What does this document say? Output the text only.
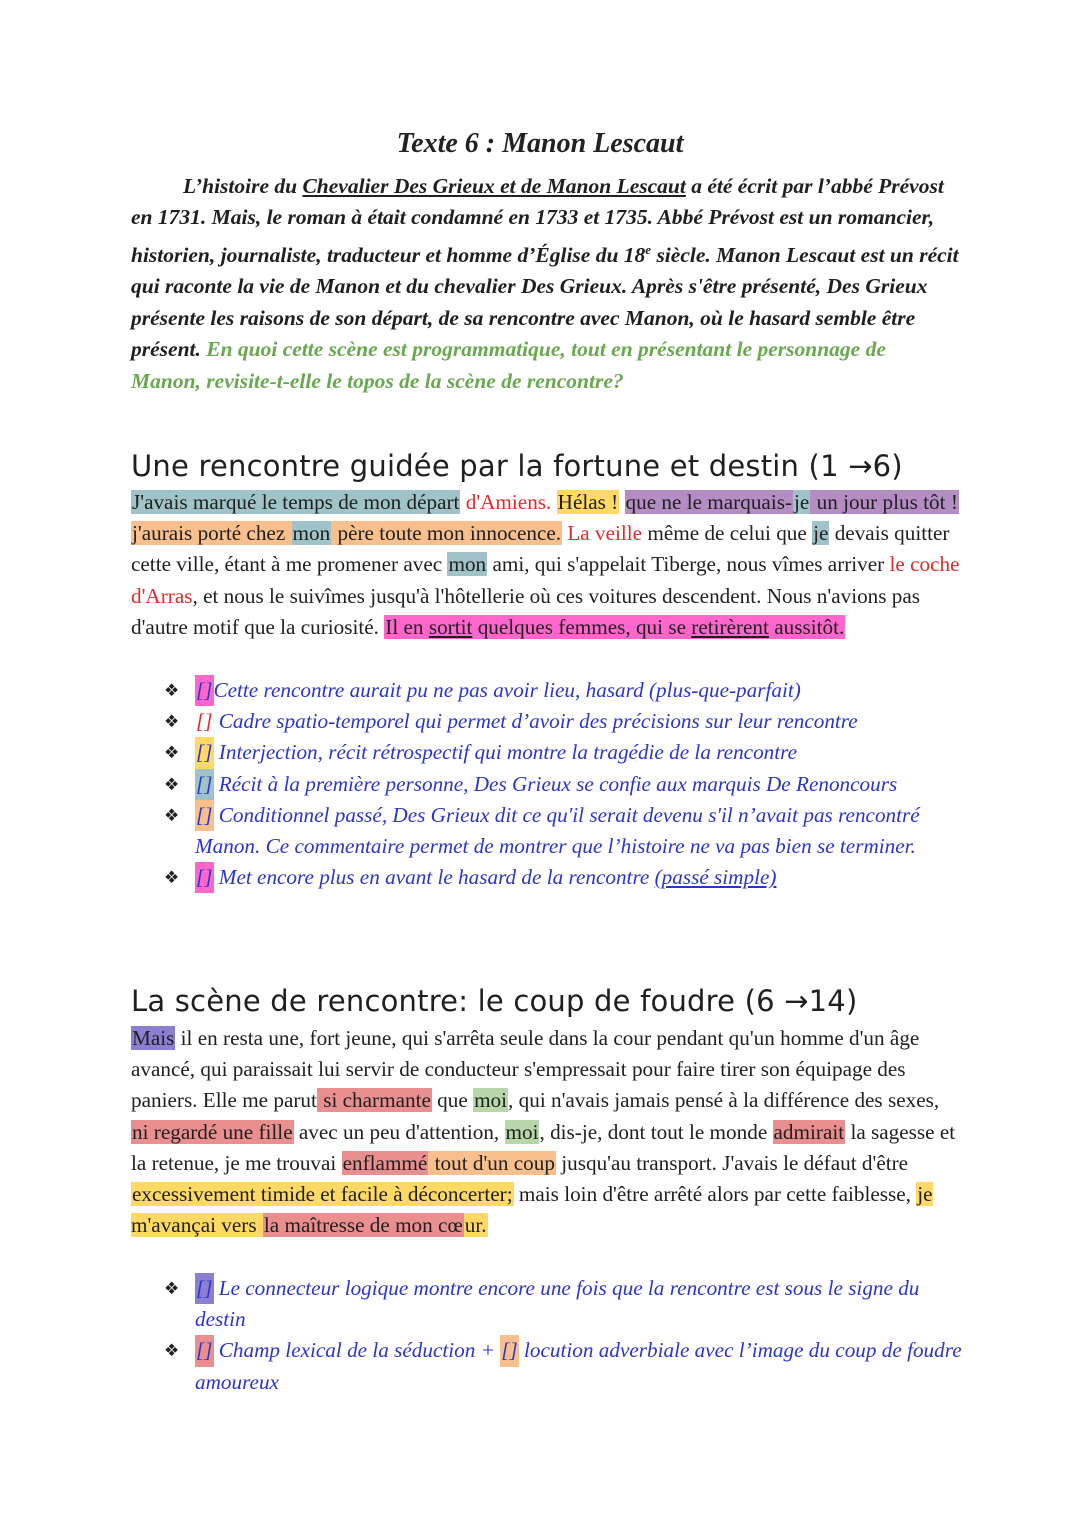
Texte 6 : Manon Lescaut
L’histoire du Chevalier Des Grieux et de Manon Lescaut a été écrit par l’abbé Prévost en 1731. Mais, le roman à était condamné en 1733 et 1735. Abbé Prévost est un romancier, historien, journaliste, traducteur et homme d’Église du 18e siècle. Manon Lescaut est un récit qui raconte la vie de Manon et du chevalier Des Grieux. Après s'être présenté, Des Grieux présente les raisons de son départ, de sa rencontre avec Manon, où le hasard semble être présent. En quoi cette scène est programmatique, tout en présentant le personnage de Manon, revisite-t-elle le topos de la scène de rencontre?
Une rencontre guidée par la fortune et destin (1 →6)
J'avais marqué le temps de mon départ d'Amiens. Hélas ! que ne le marquais-je un jour plus tôt ! j'aurais porté chez mon père toute mon innocence. La veille même de celui que je devais quitter cette ville, étant à me promener avec mon ami, qui s'appelait Tiberge, nous vîmes arriver le coche d'Arras, et nous le suivîmes jusqu'à l'hôtellerie où ces voitures descendent. Nous n'avions pas d'autre motif que la curiosité. Il en sortit quelques femmes, qui se retirèrent aussitôt.
❖ []Cette rencontre aurait pu ne pas avoir lieu, hasard (plus-que-parfait)
❖ [] Cadre spatio-temporel qui permet d’avoir des précisions sur leur rencontre
❖ [] Interjection, récit rétrospectif qui montre la tragédie de la rencontre
❖ [] Récit à la première personne, Des Grieux se confie aux marquis De Renoncours
❖ [] Conditionnel passé, Des Grieux dit ce qu'il serait devenu s'il n’avait pas rencontré Manon. Ce commentaire permet de montrer que l’histoire ne va pas bien se terminer.
❖ [] Met encore plus en avant le hasard de la rencontre (passé simple)
La scène de rencontre: le coup de foudre (6 →14)
Mais il en resta une, fort jeune, qui s'arrêta seule dans la cour pendant qu'un homme d'un âge avancé, qui paraissait lui servir de conducteur s'empressait pour faire tirer son équipage des paniers. Elle me parut si charmante que moi, qui n'avais jamais pensé à la différence des sexes, ni regardé une fille avec un peu d'attention, moi, dis-je, dont tout le monde admirait la sagesse et la retenue, je me trouvai enflammé tout d'un coup jusqu'au transport. J'avais le défaut d'être excessivement timide et facile à déconcerter; mais loin d'être arrêté alors par cette faiblesse, je m'avançai vers la maîtresse de mon cœur.
❖ [] Le connecteur logique montre encore une fois que la rencontre est sous le signe du destin
❖ [] Champ lexical de la séduction + [] locution adverbiale avec l’image du coup de foudre amoureux
